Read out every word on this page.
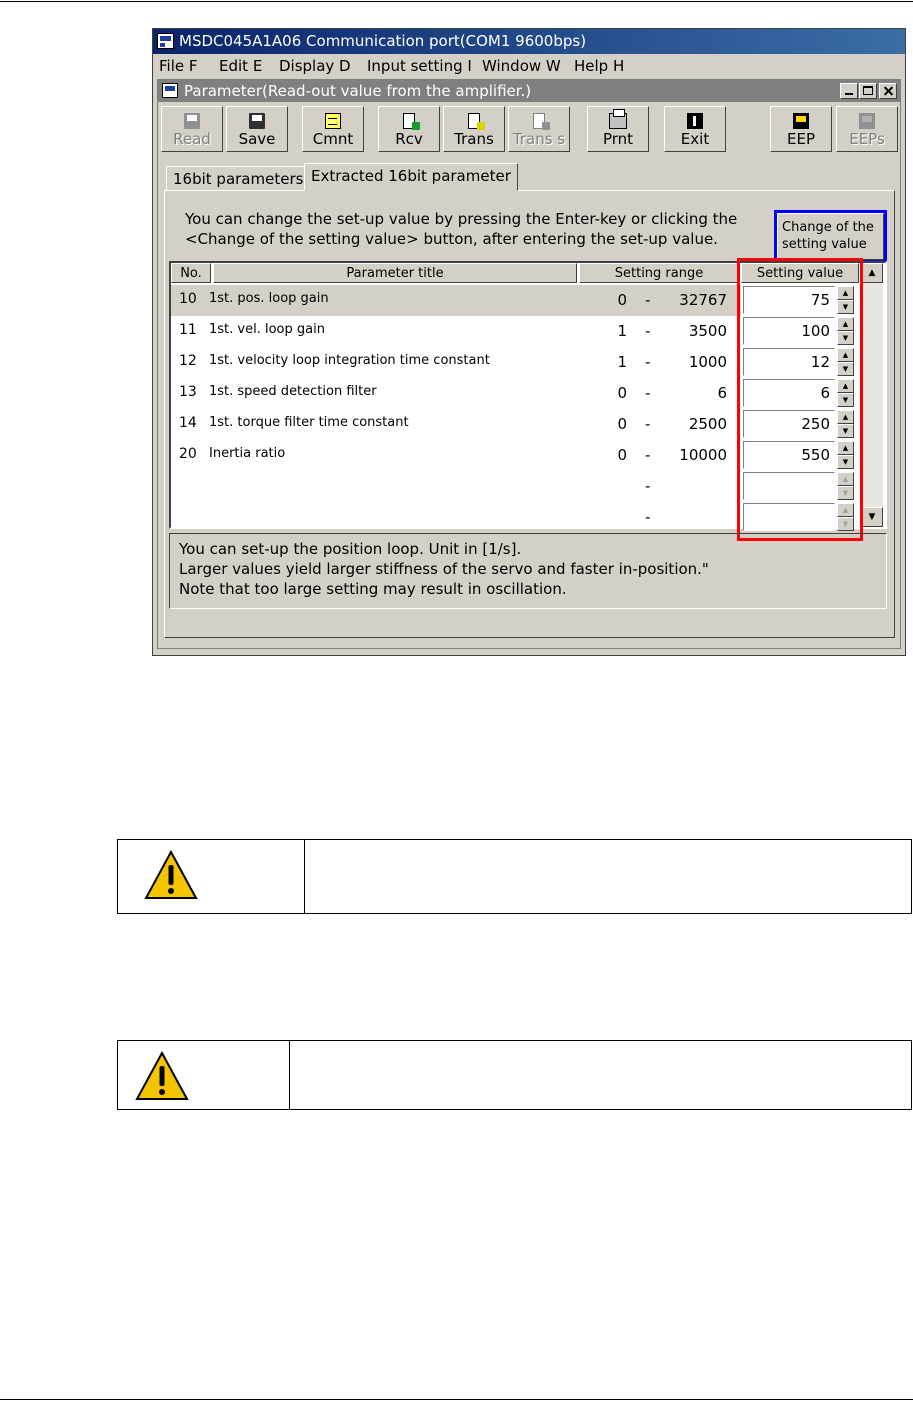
MSDC045A1A06 Communication port(COM1 9600bps)
File F Edit E Display D Input setting I Window W Help H
Parameter(Read-out value from the amplifier.)
Read	Save	Cmnt	Rcv	Trans	Trans s	Prnt	Exit	EEP	EEPs
16bit parameters Extracted 16bit parameter
You can change the set-up value by pressing the Enter-key or clicking the
<Change of the setting value> button, after entering the set-up value.
Change of the
setting value
No.	Parameter title	Setting range	Setting value
10 1st. pos. loop gain	0 -	32767	75	▲
▼
11 1st. vel. loop gain	1 -	3500	100	▲
▼
12 1st. velocity loop integration time constant	1 -	1000	12	▲
▼
13 1st. speed detection filter	0 -	6	6	▲
▼
14 1st. torque filter time constant	0 -	2500	250	▲
▼
20 Inertia ratio	0 -	10000	550	▲
▼
-	▲
▼
-	▲
▼
▲
▼
You can set-up the position loop. Unit in [1/s].
Larger values yield larger stiffness of the servo and faster in-position."
Note that too large setting may result in oscillation.
